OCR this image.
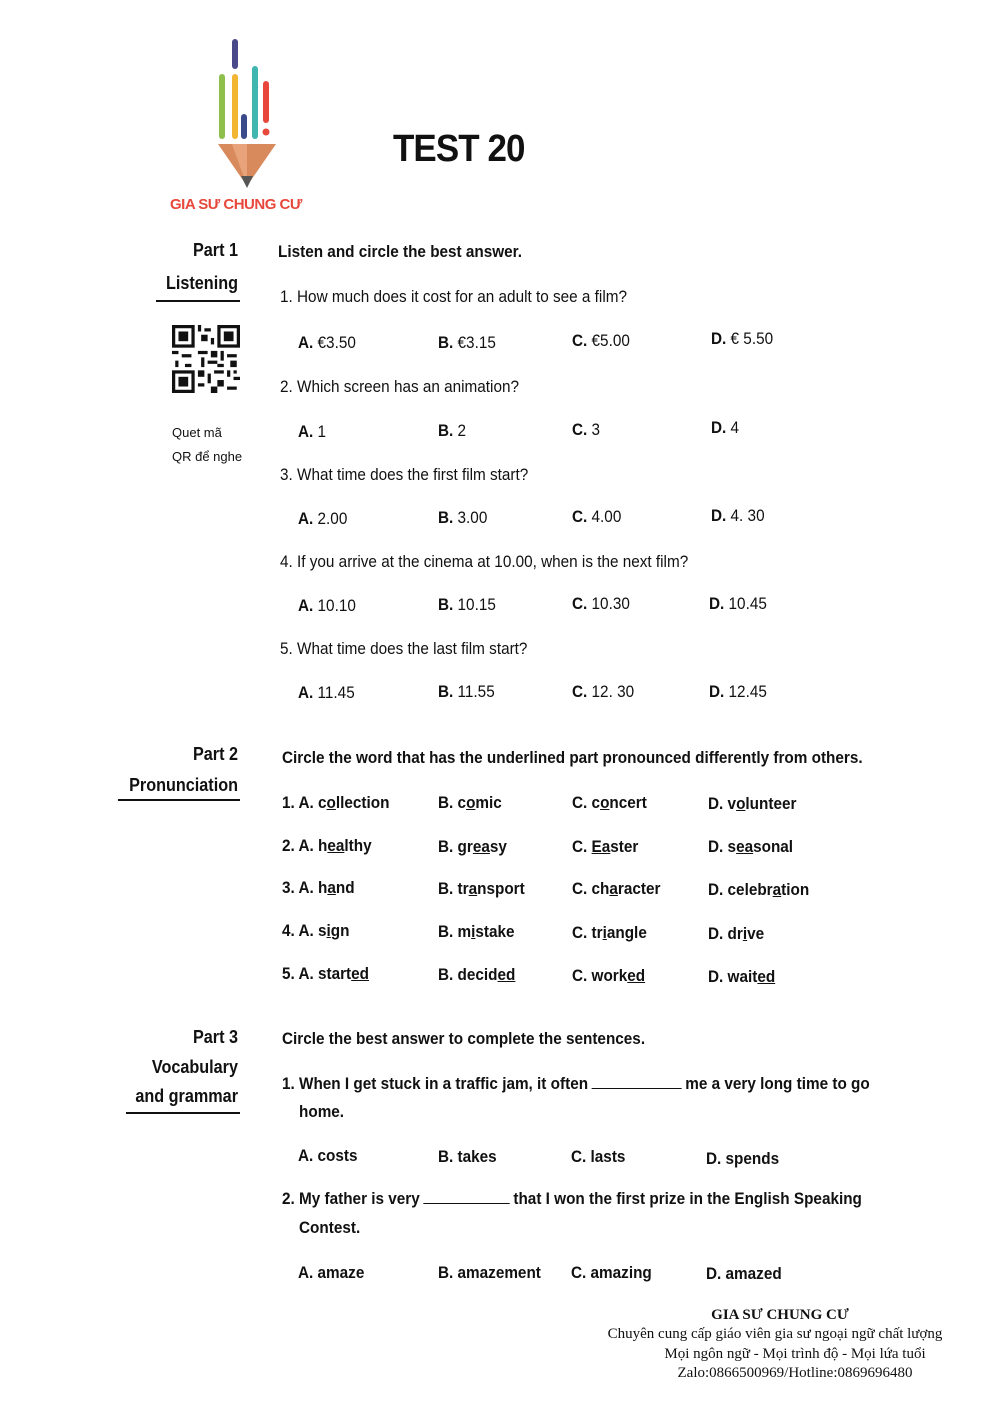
GIA SƯ CHUNG CƯ
TEST 20
Part 1
Listening
Quet mã
QR để nghe
Listen and circle the best answer.
1. How much does it cost for an adult to see a film?
A. €3.50	B. €3.15	C. €5.00	D. € 5.50
2. Which screen has an animation?
A. 1	B. 2	C. 3	D. 4
3. What time does the first film start?
A. 2.00	B. 3.00	C. 4.00	D. 4. 30
4. If you arrive at the cinema at 10.00, when is the next film?
A. 10.10	B. 10.15	C. 10.30	D. 10.45
5. What time does the last film start?
A. 11.45	B. 11.55	C. 12. 30	D. 12.45
Part 2
Pronunciation
Circle the word that has the underlined part pronounced differently from others.
1. A. collection	B. comic	C. concert	D. volunteer
2. A. healthy	B. greasy	C. Easter	D. seasonal
3. A. hand	B. transport	C. character	D. celebration
4. A. sign	B. mistake	C. triangle	D. drive
5. A. started	B. decided	C. worked	D. waited
Part 3
Vocabulary
and grammar
Circle the best answer to complete the sentences.
1. When I get stuck in a traffic jam, it often	me a very long time to go
home.
A. costs	B. takes	C. lasts	D. spends
2. My father is very	that I won the first prize in the English Speaking
Contest.
A. amaze	B. amazement C. amazing	D. amazed
GIA SƯ CHUNG CƯ
Chuyên cung cấp giáo viên gia sư ngoại ngữ chất lượng
Mọi ngôn ngữ - Mọi trình độ - Mọi lứa tuổi
Zalo:0866500969/Hotline:0869696480
